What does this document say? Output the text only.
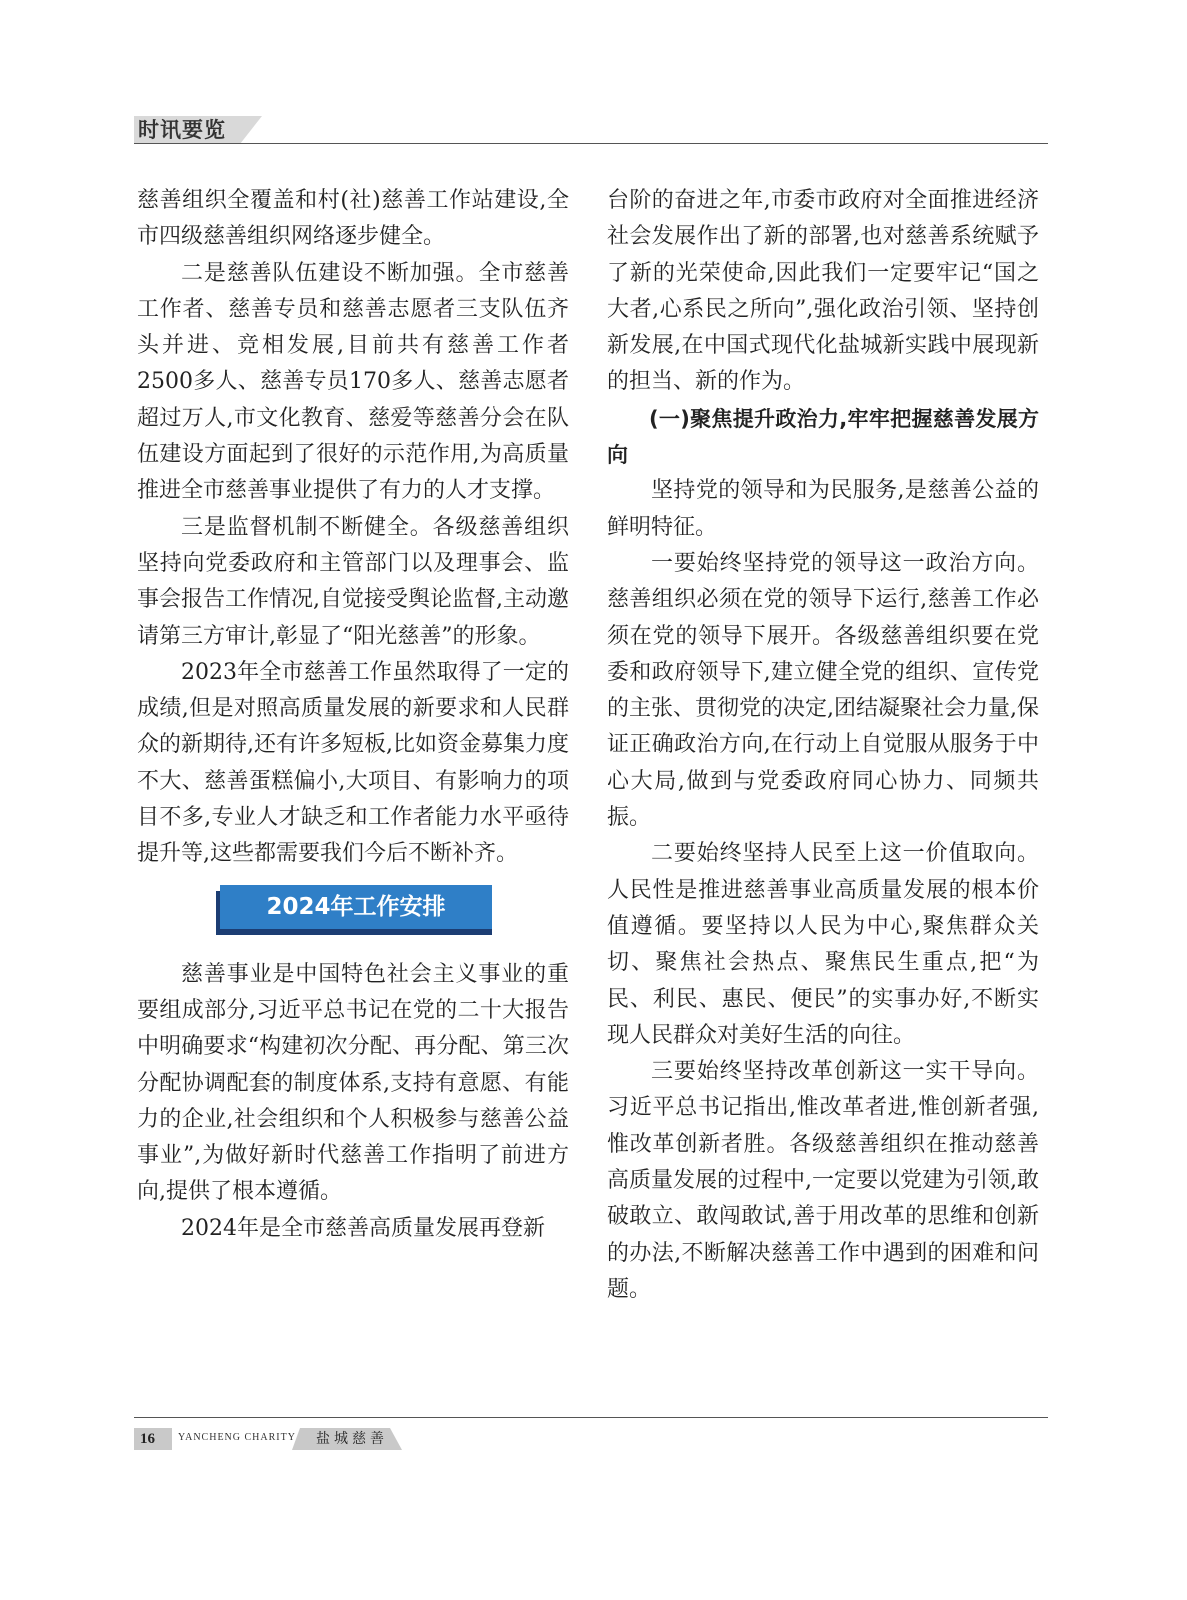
时讯要览

慈善组织全覆盖和村(社)慈善工作站建设,全市四级慈善组织网络逐步健全。

二是慈善队伍建设不断加强。全市慈善工作者、慈善专员和慈善志愿者三支队伍齐头并进、竞相发展,目前共有慈善工作者2500多人、慈善专员170多人、慈善志愿者超过万人,市文化教育、慈爱等慈善分会在队伍建设方面起到了很好的示范作用,为高质量推进全市慈善事业提供了有力的人才支撑。

三是监督机制不断健全。各级慈善组织坚持向党委政府和主管部门以及理事会、监事会报告工作情况,自觉接受舆论监督,主动邀请第三方审计,彰显了“阳光慈善”的形象。

2023年全市慈善工作虽然取得了一定的成绩,但是对照高质量发展的新要求和人民群众的新期待,还有许多短板,比如资金募集力度不大、慈善蛋糕偏小,大项目、有影响力的项目不多,专业人才缺乏和工作者能力水平亟待提升等,这些都需要我们今后不断补齐。

2024年工作安排

慈善事业是中国特色社会主义事业的重要组成部分,习近平总书记在党的二十大报告中明确要求“构建初次分配、再分配、第三次分配协调配套的制度体系,支持有意愿、有能力的企业,社会组织和个人积极参与慈善公益事业”,为做好新时代慈善工作指明了前进方向,提供了根本遵循。

2024年是全市慈善高质量发展再登新

台阶的奋进之年,市委市政府对全面推进经济社会发展作出了新的部署,也对慈善系统赋予了新的光荣使命,因此我们一定要牢记“国之大者,心系民之所向”,强化政治引领、坚持创新发展,在中国式现代化盐城新实践中展现新的担当、新的作为。

(一)聚焦提升政治力,牢牢把握慈善发展方向

坚持党的领导和为民服务,是慈善公益的鲜明特征。

一要始终坚持党的领导这一政治方向。慈善组织必须在党的领导下运行,慈善工作必须在党的领导下展开。各级慈善组织要在党委和政府领导下,建立健全党的组织、宣传党的主张、贯彻党的决定,团结凝聚社会力量,保证正确政治方向,在行动上自觉服从服务于中心大局,做到与党委政府同心协力、同频共振。

二要始终坚持人民至上这一价值取向。人民性是推进慈善事业高质量发展的根本价值遵循。要坚持以人民为中心,聚焦群众关切、聚焦社会热点、聚焦民生重点,把“为民、利民、惠民、便民”的实事办好,不断实现人民群众对美好生活的向往。

三要始终坚持改革创新这一实干导向。习近平总书记指出,惟改革者进,惟创新者强,惟改革创新者胜。各级慈善组织在推动慈善高质量发展的过程中,一定要以党建为引领,敢破敢立、敢闯敢试,善于用改革的思维和创新的办法,不断解决慈善工作中遇到的困难和问题。

16 YANCHENG CHARITY 盐城慈善
